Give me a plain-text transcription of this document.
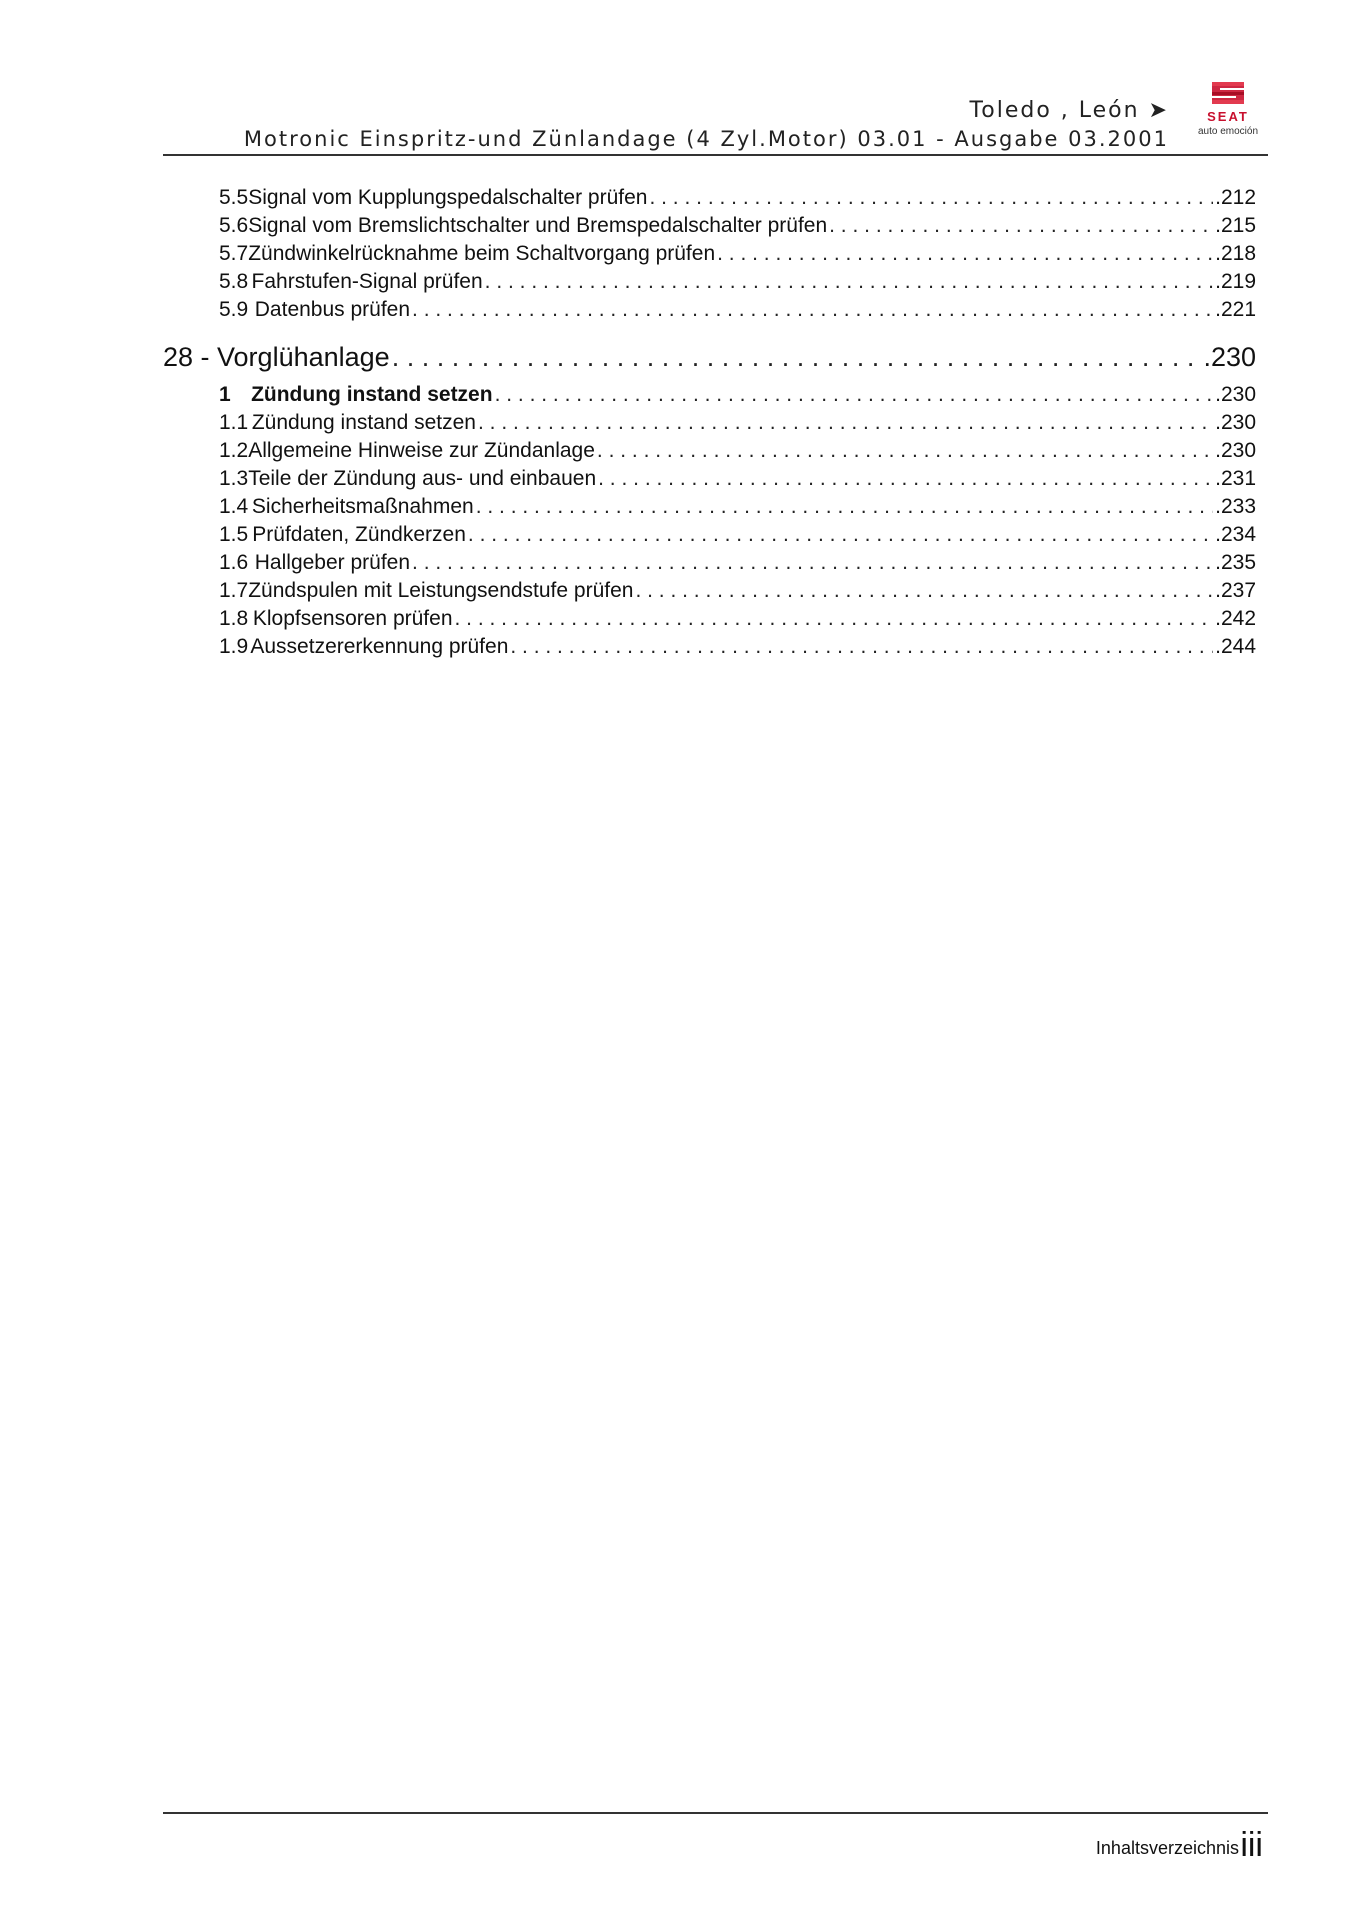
Toledo , León ➤
Motronic Einspritz-und Zünlandage (4 Zyl.Motor) 03.01 - Ausgabe 03.2001
SEAT
auto emoción
5.5 Signal vom Kupplungspedalschalter prüfen . . .	.212
5.6 Signal vom Bremslichtschalter und Bremspedalschalter prüfen . . .	.215
5.7 Zündwinkelrücknahme beim Schaltvorgang prüfen . . .	.218
5.8 Fahrstufen-Signal prüfen . . .	.219
5.9 Datenbus prüfen . . .	.221
28 - Vorglühanlage . . .	.230
1 Zündung instand setzen . . .	.230
1.1 Zündung instand setzen . . .	.230
1.2 Allgemeine Hinweise zur Zündanlage . . .	.230
1.3 Teile der Zündung aus- und einbauen . . .	.231
1.4 Sicherheitsmaßnahmen . . .	.233
1.5 Prüfdaten, Zündkerzen . . .	.234
1.6 Hallgeber prüfen . . .	.235
1.7 Zündspulen mit Leistungsendstufe prüfen . . .	.237
1.8 Klopfsensoren prüfen . . .	.242
1.9 Aussetzererkennung prüfen . . .	.244
Inhaltsverzeichnis iii
